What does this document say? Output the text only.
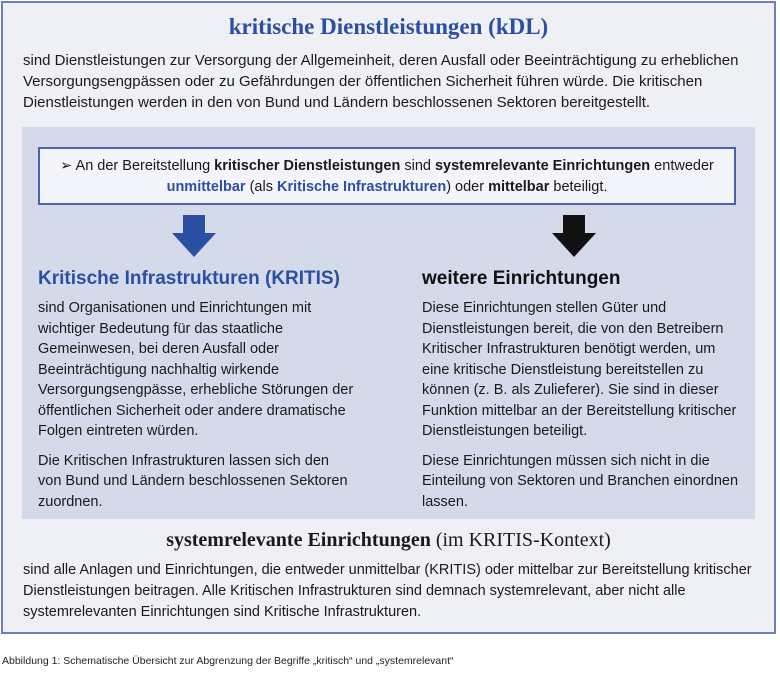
kritische Dienstleistungen (kDL)
sind Dienstleistungen zur Versorgung der Allgemeinheit, deren Ausfall oder Beeinträchtigung zu erheblichen Versorgungsengpässen oder zu Gefährdungen der öffentlichen Sicherheit führen würde. Die kritischen Dienstleistungen werden in den von Bund und Ländern beschlossenen Sektoren bereitgestellt.
➢ An der Bereitstellung kritischer Dienstleistungen sind systemrelevante Einrichtungen entweder
unmittelbar (als Kritische Infrastrukturen) oder mittelbar beteiligt.
Kritische Infrastrukturen (KRITIS)

sind Organisationen und Einrichtungen mit wichtiger Bedeutung für das staatliche Gemeinwesen, bei deren Ausfall oder Beeinträchtigung nachhaltig wirkende Versorgungsengpässe, erhebliche Störungen der öffentlichen Sicherheit oder andere dramatische Folgen eintreten würden.

Die Kritischen Infrastrukturen lassen sich den von Bund und Ländern beschlossenen Sektoren zuordnen.

weitere Einrichtungen

Diese Einrichtungen stellen Güter und Dienstleistungen bereit, die von den Betreibern Kritischer Infrastrukturen benötigt werden, um eine kritische Dienstleistung bereitstellen zu können (z. B. als Zulieferer). Sie sind in dieser Funktion mittelbar an der Bereitstellung kritischer Dienstleistungen beteiligt.

Diese Einrichtungen müssen sich nicht in die Einteilung von Sektoren und Branchen einordnen lassen.

systemrelevante Einrichtungen (im KRITIS-Kontext)
sind alle Anlagen und Einrichtungen, die entweder unmittelbar (KRITIS) oder mittelbar zur Bereitstellung kritischer Dienstleistungen beitragen. Alle Kritischen Infrastrukturen sind demnach systemrelevant, aber nicht alle systemrelevanten Einrichtungen sind Kritische Infrastrukturen.
Abbildung 1: Schematische Übersicht zur Abgrenzung der Begriffe „kritisch“ und „systemrelevant“
